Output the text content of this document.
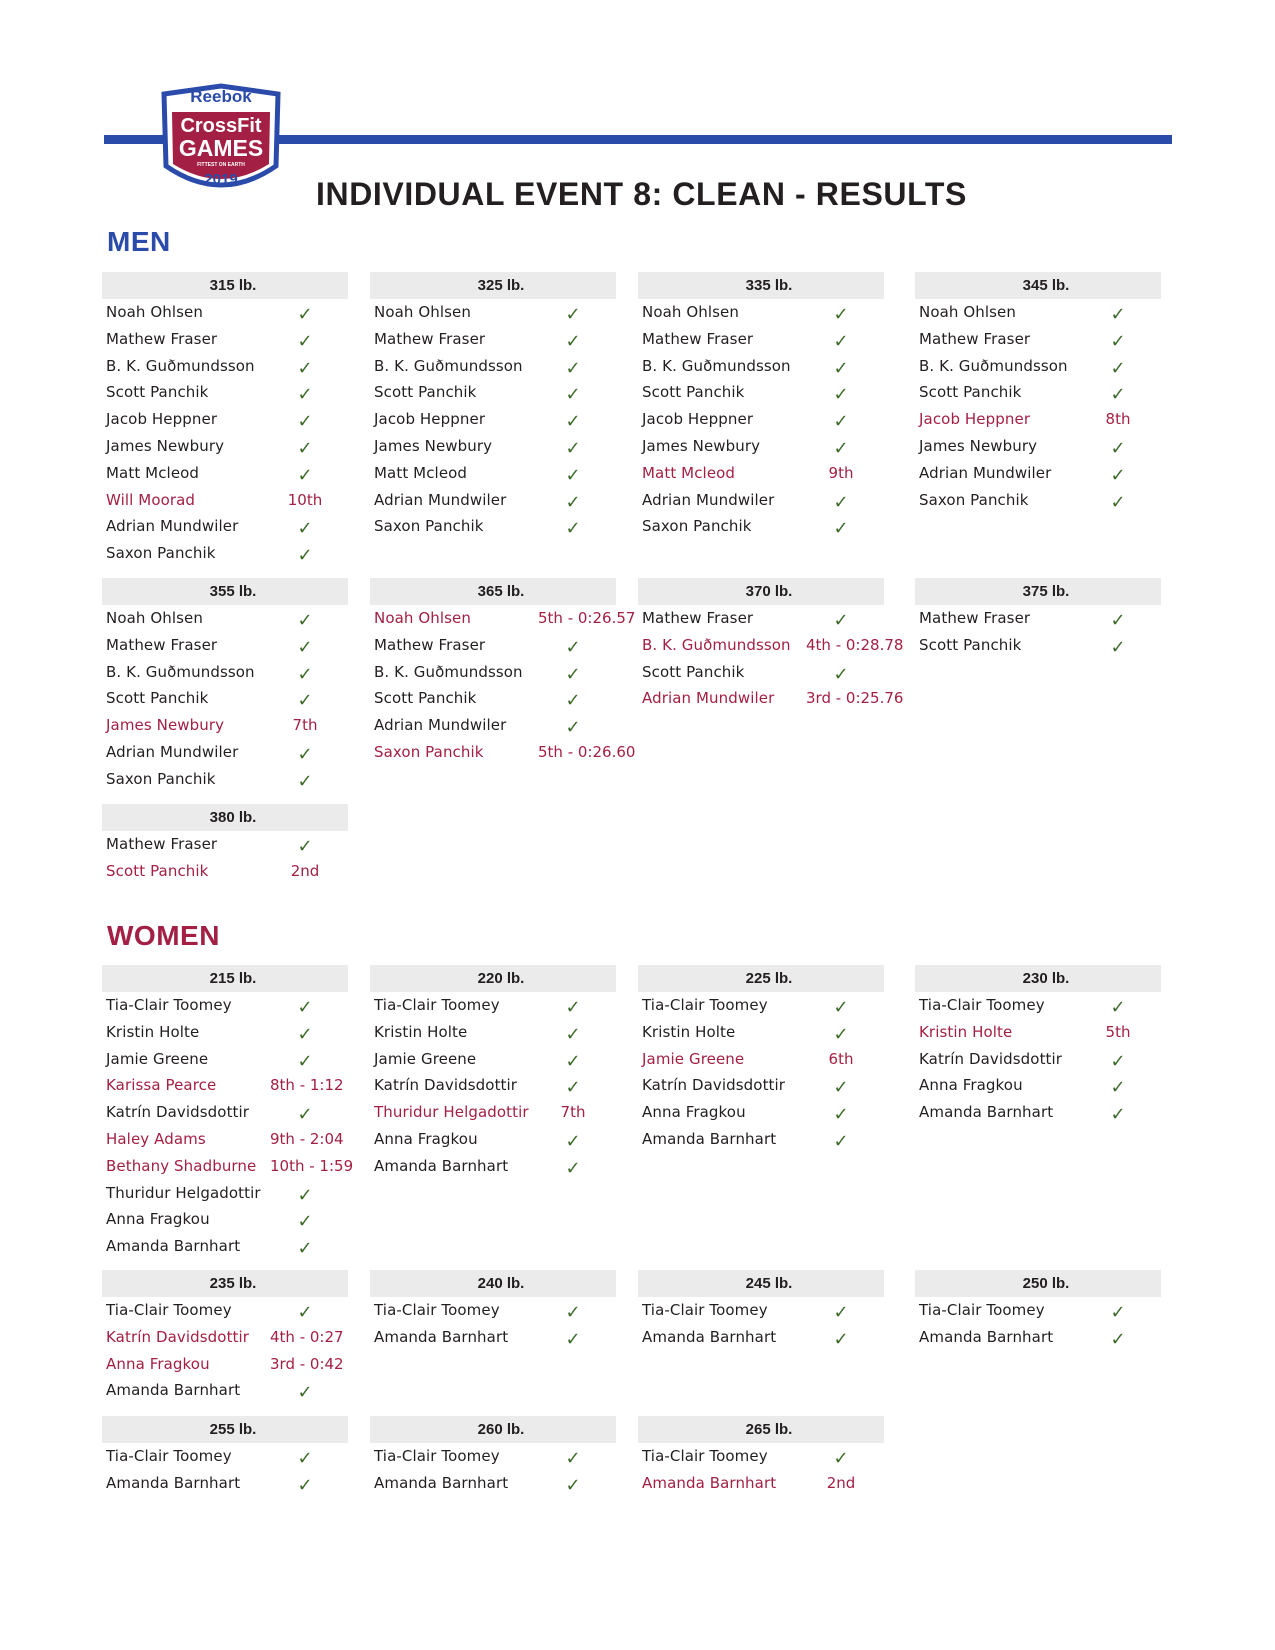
Reebok
CrossFit
GAMES
FITTEST ON EARTH
2019 INDIVIDUAL EVENT 8: CLEAN - RESULTS
MEN
WOMEN
315 lb.
Noah Ohlsen	✓
Mathew Fraser	✓
B. K. Guðmundsson	✓
Scott Panchik	✓
Jacob Heppner	✓
James Newbury	✓
Matt Mcleod	✓
Will Moorad	10th
Adrian Mundwiler	✓
Saxon Panchik	✓
325 lb.
Noah Ohlsen	✓
Mathew Fraser	✓
B. K. Guðmundsson	✓
Scott Panchik	✓
Jacob Heppner	✓
James Newbury	✓
Matt Mcleod	✓
Adrian Mundwiler	✓
Saxon Panchik	✓
335 lb.
Noah Ohlsen	✓
Mathew Fraser	✓
B. K. Guðmundsson	✓
Scott Panchik	✓
Jacob Heppner	✓
James Newbury	✓
Matt Mcleod	9th
Adrian Mundwiler	✓
Saxon Panchik	✓
345 lb.
Noah Ohlsen	✓
Mathew Fraser	✓
B. K. Guðmundsson	✓
Scott Panchik	✓
Jacob Heppner	8th
James Newbury	✓
Adrian Mundwiler	✓
Saxon Panchik	✓
355 lb.
Noah Ohlsen	✓
Mathew Fraser	✓
B. K. Guðmundsson	✓
Scott Panchik	✓
James Newbury	7th
Adrian Mundwiler	✓
Saxon Panchik	✓
365 lb.
Noah Ohlsen	5th - 0:26.57
Mathew Fraser	✓
B. K. Guðmundsson	✓
Scott Panchik	✓
Adrian Mundwiler	✓
Saxon Panchik	5th - 0:26.60
370 lb.
Mathew Fraser	✓
B. K. Guðmundsson 4th - 0:28.78
Scott Panchik	✓
Adrian Mundwiler 3rd - 0:25.76
375 lb.
Mathew Fraser	✓
Scott Panchik	✓
380 lb.
Mathew Fraser	✓
Scott Panchik	2nd
215 lb.
Tia-Clair Toomey	✓
Kristin Holte	✓
Jamie Greene	✓
Karissa Pearce	8th - 1:12
Katrín Davidsdottir	✓
Haley Adams	9th - 2:04
Bethany Shadburne 10th - 1:59
Thuridur Helgadottir	✓
Anna Fragkou	✓
Amanda Barnhart	✓
220 lb.
Tia-Clair Toomey	✓
Kristin Holte	✓
Jamie Greene	✓
Katrín Davidsdottir	✓
Thuridur Helgadottir	7th
Anna Fragkou	✓
Amanda Barnhart	✓
225 lb.
Tia-Clair Toomey	✓
Kristin Holte	✓
Jamie Greene	6th
Katrín Davidsdottir	✓
Anna Fragkou	✓
Amanda Barnhart	✓
230 lb.
Tia-Clair Toomey	✓
Kristin Holte	5th
Katrín Davidsdottir	✓
Anna Fragkou	✓
Amanda Barnhart	✓
235 lb.
Tia-Clair Toomey	✓
Katrín Davidsdottir 4th - 0:27
Anna Fragkou	3rd - 0:42
Amanda Barnhart	✓
240 lb.
Tia-Clair Toomey	✓
Amanda Barnhart	✓
245 lb.
Tia-Clair Toomey	✓
Amanda Barnhart	✓
250 lb.
Tia-Clair Toomey	✓
Amanda Barnhart	✓
255 lb.
Tia-Clair Toomey	✓
Amanda Barnhart	✓
260 lb.
Tia-Clair Toomey	✓
Amanda Barnhart	✓
265 lb.
Tia-Clair Toomey	✓
Amanda Barnhart	2nd
